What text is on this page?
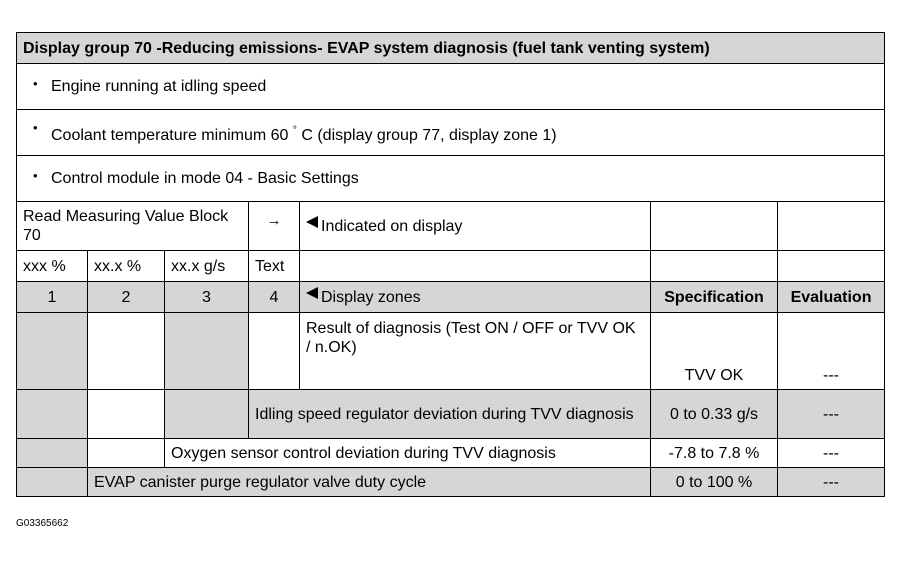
Display group 70 -Reducing emissions- EVAP system diagnosis (fuel tank venting system)						
• Engine running at idling speed						
• Coolant temperature minimum 60 ° C (display group 77, display zone 1)						
• Control module in mode 04 - Basic Settings						
Read Measuring Value Block 70			→	Indicated on display		
xxx %	xx.x %	xx.x g/s	Text			
1	2	3	4	Display zones	Specification	Evaluation
				Result of diagnosis (Test ON / OFF or TVV OK / n.OK)	TVV OK	---
			Idling speed regulator deviation during TVV diagnosis		0 to 0.33 g/s	---
		Oxygen sensor control deviation during TVV diagnosis			-7.8 to 7.8 %	---
	EVAP canister purge regulator valve duty cycle				0 to 100 %	---
G03365662
